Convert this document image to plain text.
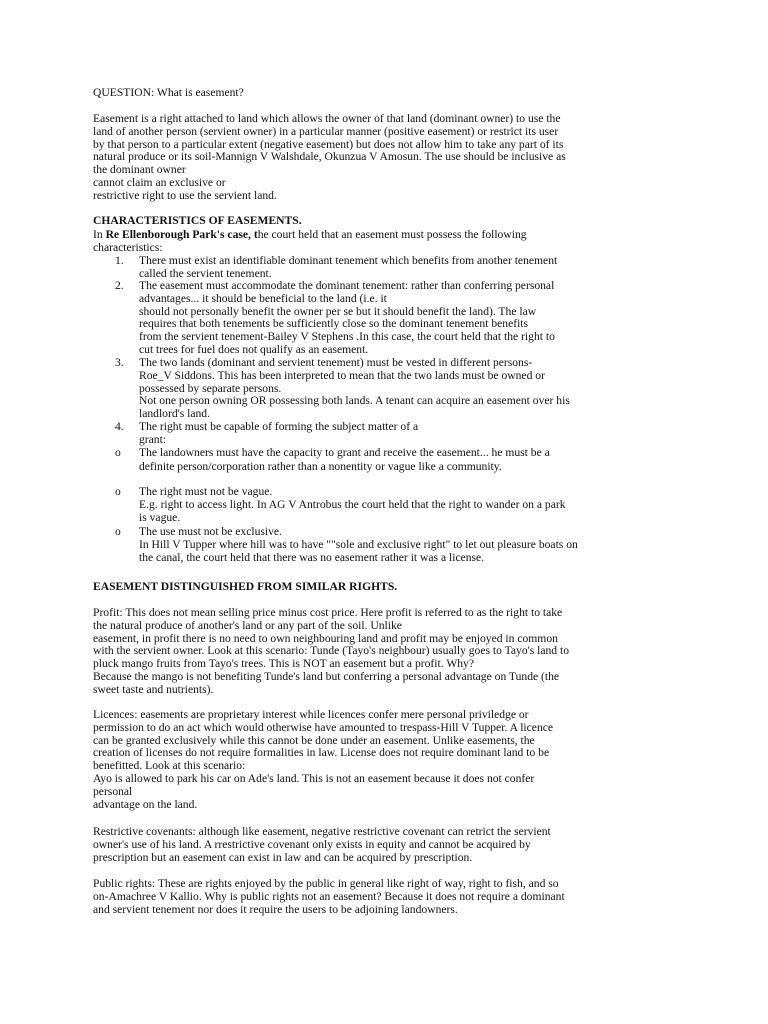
QUESTION: What is easement?

Easement is a right attached to land which allows the owner of that land (dominant owner) to use the
land of another person (servient owner) in a particular manner (positive easement) or restrict its user
by that person to a particular extent (negative easement) but does not allow him to take any part of its
natural produce or its soil-Mannign V Walshdale, Okunzua V Amosun. The use should be inclusive as
the dominant owner
cannot claim an exclusive or
restrictive right to use the servient land.

CHARACTERISTICS OF EASEMENTS.

In Re Ellenborough Park's case, the court held that an easement must possess the following
characteristics:
1.	There must exist an identifiable dominant tenement which benefits from another tenement
called the servient tenement.
2.	The easement must accommodate the dominant tenement: rather than conferring personal
advantages... it should be beneficial to the land (i.e. it
should not personally benefit the owner per se but it should benefit the land). The law
requires that both tenements be sufficiently close so the dominant tenement benefits
from the servient tenement-Bailey V Stephens .In this case, the court held that the right to
cut trees for fuel does not qualify as an easement.
3.	The two lands (dominant and servient tenement) must be vested in different persons-
Roe_V Siddons. This has been interpreted to mean that the two lands must be owned or
possessed by separate persons.
Not one person owning OR possessing both lands. A tenant can acquire an easement over his
landlord's land.
4.	The right must be capable of forming the subject matter of a
grant:
o	The landowners must have the capacity to grant and receive the easement... he must be a
definite person/corporation rather than a nonentity or vague like a community.
o	The right must not be vague.
E.g. right to access light. In AG V Antrobus the court held that the right to wander on a park
is vague.
o	The use must not be exclusive.
In Hill V Tupper where hill was to have ""sole and exclusive right" to let out pleasure boats on
the canal, the court held that there was no easement rather it was a license.

EASEMENT DISTINGUISHED FROM SIMILAR RIGHTS.

Profit: This does not mean selling price minus cost price. Here profit is referred to as the right to take
the natural produce of another's land or any part of the soil. Unlike
easement, in profit there is no need to own neighbouring land and profit may be enjoyed in common
with the servient owner. Look at this scenario: Tunde (Tayo's neighbour) usually goes to Tayo's land to
pluck mango fruits from Tayo's trees. This is NOT an easement but a profit. Why?
Because the mango is not benefiting Tunde's land but conferring a personal advantage on Tunde (the
sweet taste and nutrients).
Licences: easements are proprietary interest while licences confer mere personal priviledge or
permission to do an act which would otherwise have amounted to trespass-Hill V Tupper. A licence
can be granted exclusively while this cannot be done under an easement. Unlike easements, the
creation of licenses do not require formalities in law. License does not require dominant land to be
benefitted. Look at this scenario:
Ayo is allowed to park his car on Ade's land. This is not an easement because it does not confer
personal
advantage on the land.
Restrictive covenants: although like easement, negative restrictive covenant can retrict the servient
owner's use of his land. A rrestrictive covenant only exists in equity and cannot be acquired by
prescription but an easement can exist in law and can be acquired by prescription.
Public rights: These are rights enjoyed by the public in general like right of way, right to fish, and so
on-Amachree V Kallio. Why is public rights not an easement? Because it does not require a dominant
and servient tenement nor does it require the users to be adjoining landowners.
